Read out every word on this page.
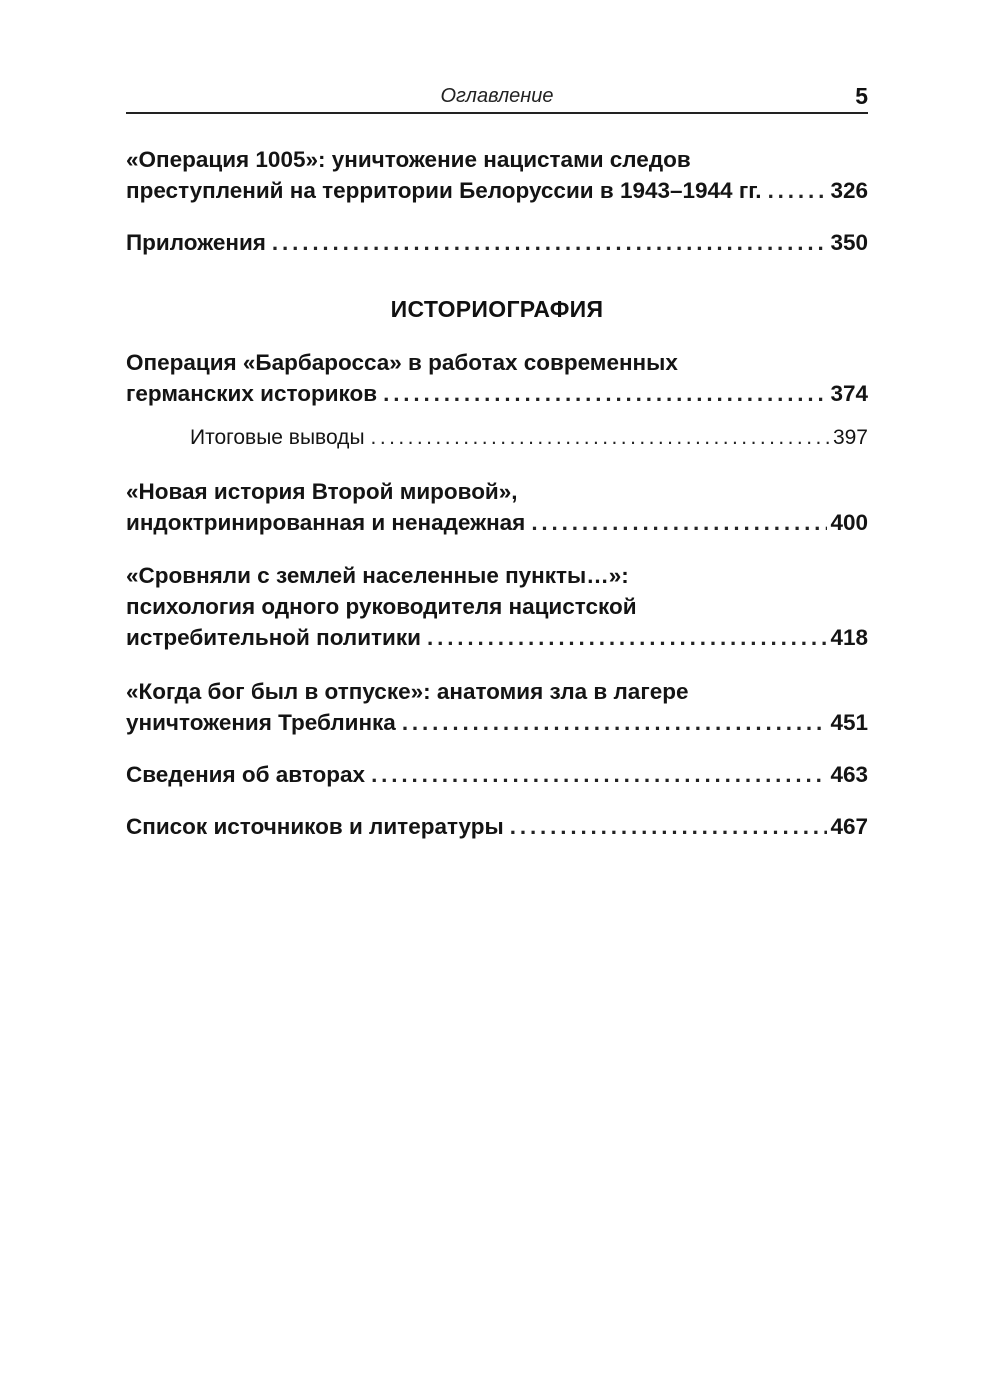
Оглавление	5
«Операция 1005»: уничтожение нацистами следов
преступлений на территории Белоруссии в 1943–1944 гг. . . .	326
Приложения . . .	350
ИСТОРИОГРАФИЯ
Операция «Барбаросса» в работах современных
германских историков . . .	374
Итоговые выводы . . .	397
«Новая история Второй мировой»,
индоктринированная и ненадежная . . .	400
«Сровняли с землей населенные пункты…»:
психология одного руководителя нацистской
истребительной политики . . .	418
«Когда бог был в отпуске»: анатомия зла в лагере
уничтожения Треблинка . . .	451
Сведения об авторах . . .	463
Список источников и литературы . . .	467
